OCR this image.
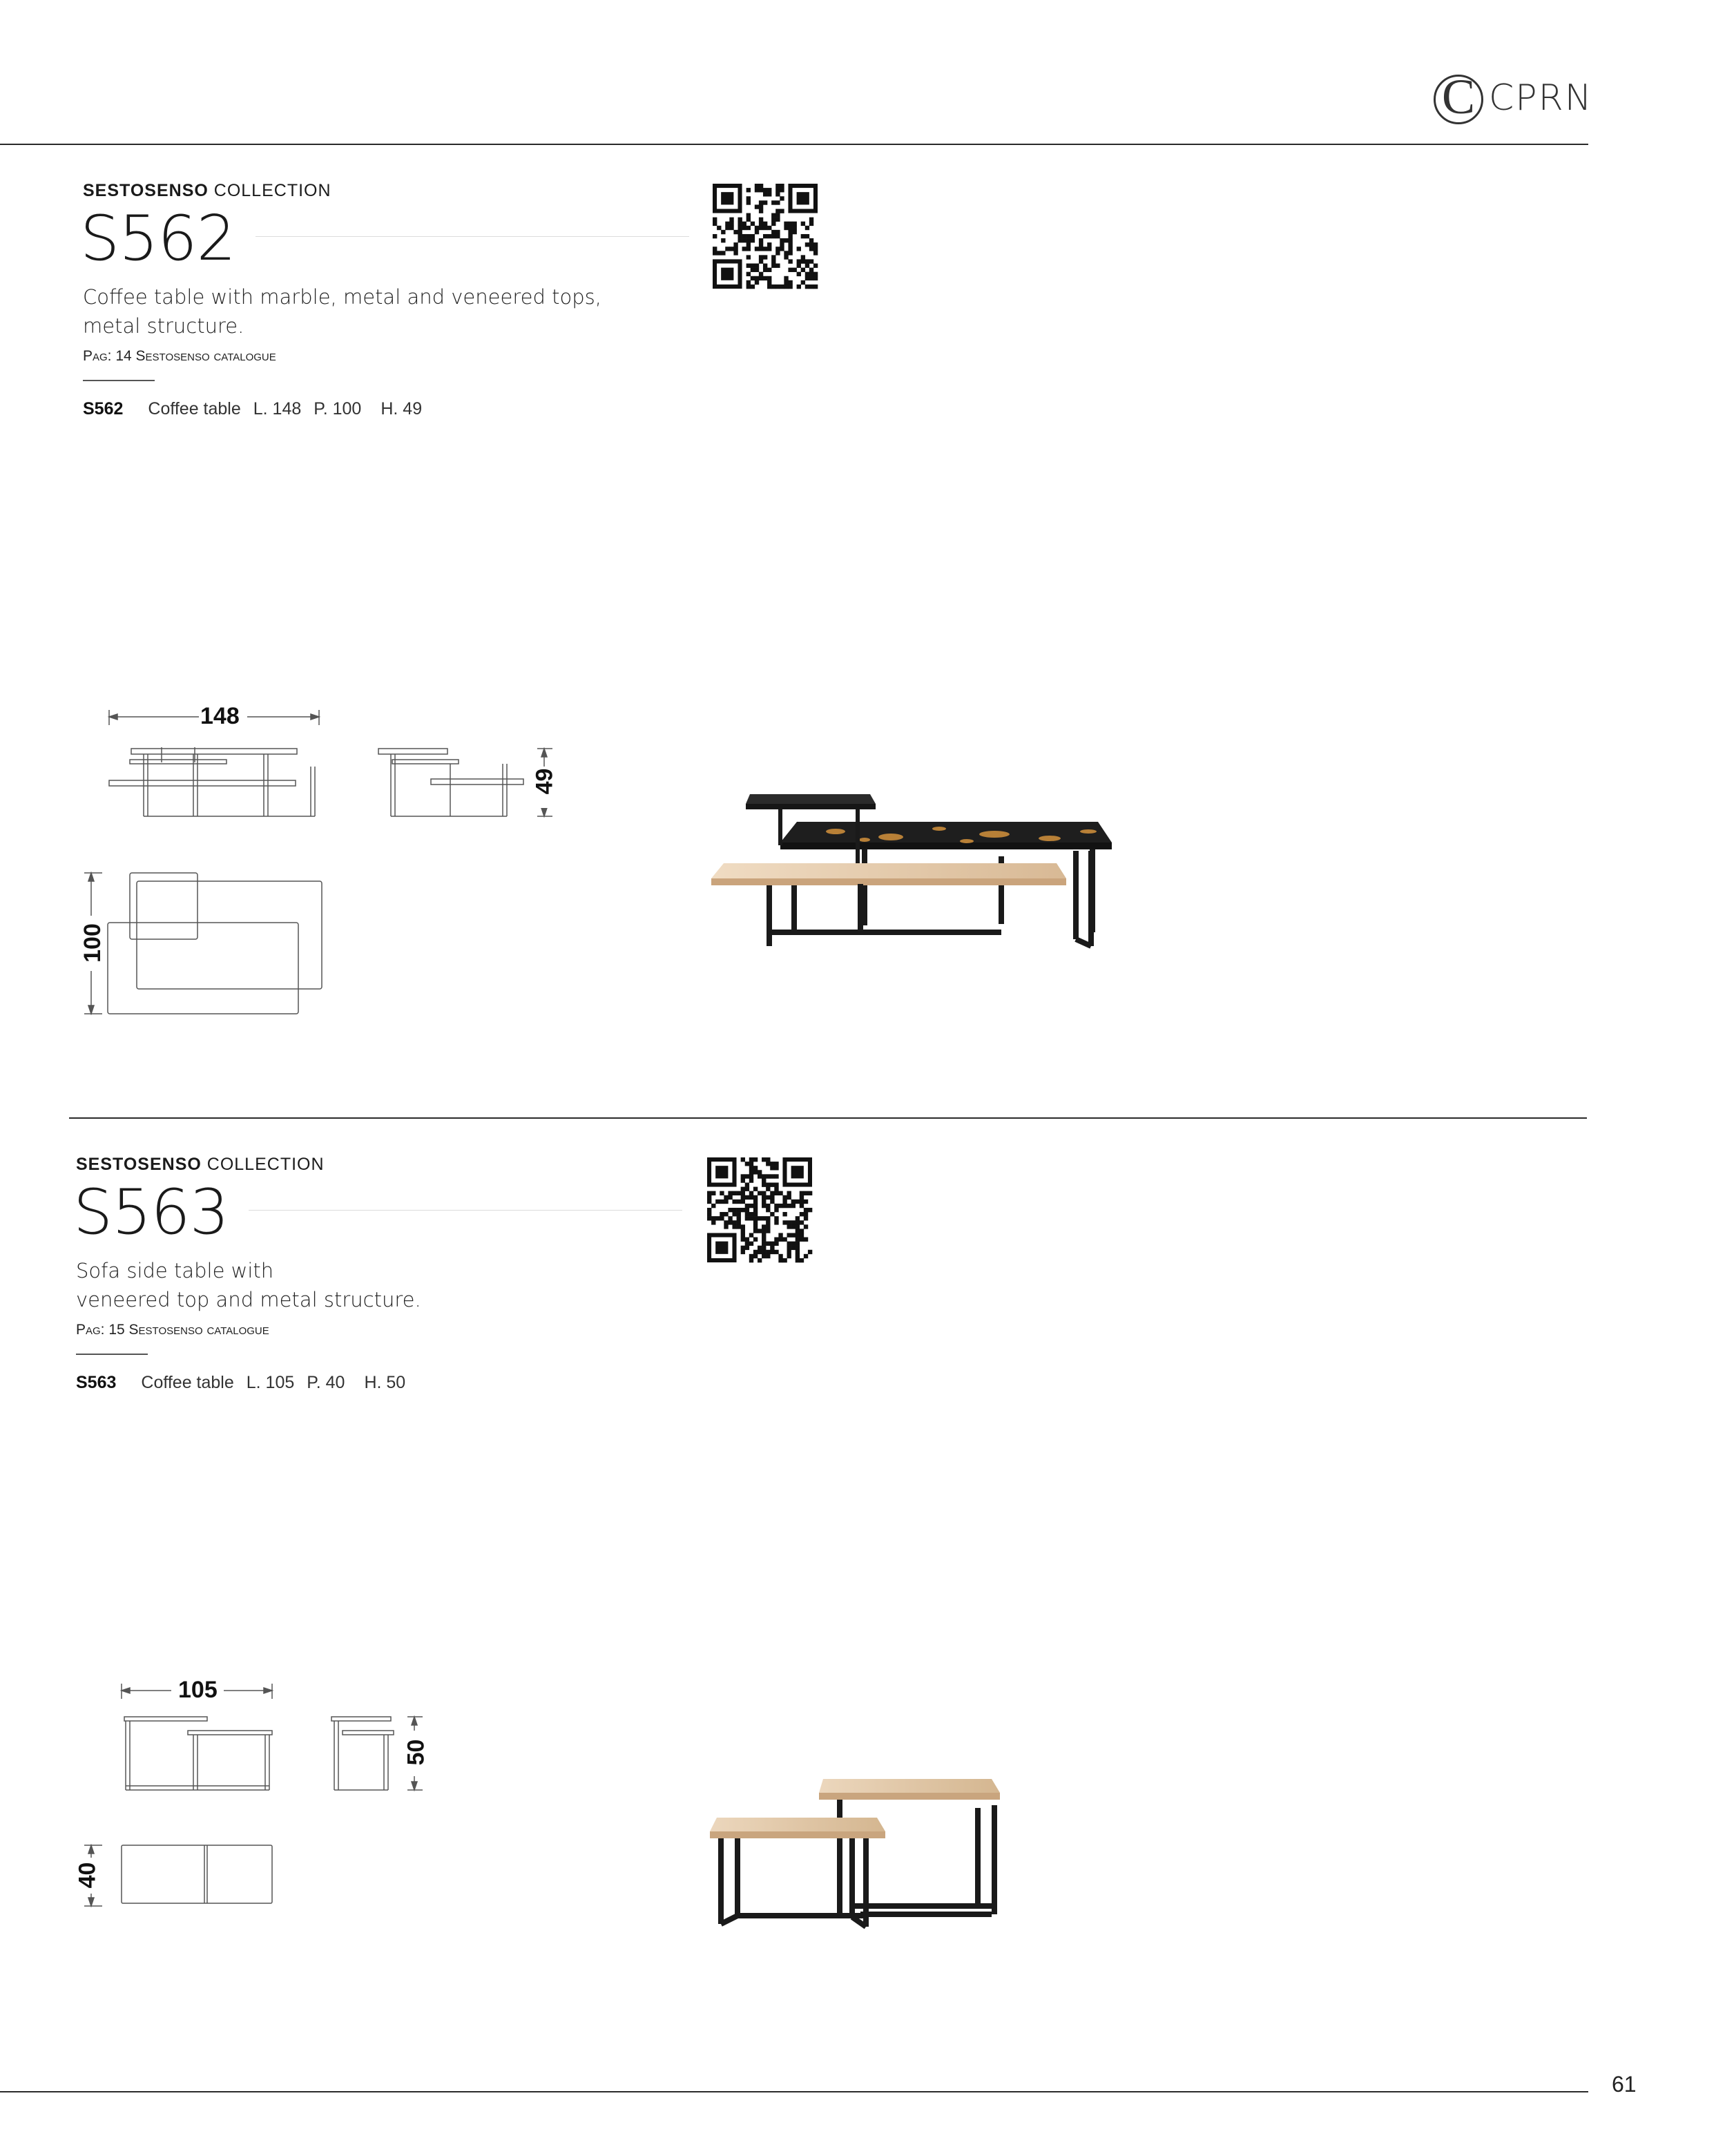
C CPRN
SESTOSENSO COLLECTION
S562
Coffee table with marble, metal and veneered tops,
metal structure.
Pag: 14 Sestosenso catalogue
S562 Coffee table L. 148 P. 100 H. 49
148
49
100
SESTOSENSO COLLECTION
S563
Sofa side table with
veneered top and metal structure.
Pag: 15 Sestosenso catalogue
S563 Coffee table L. 105 P. 40 H. 50
105
50
40
61
